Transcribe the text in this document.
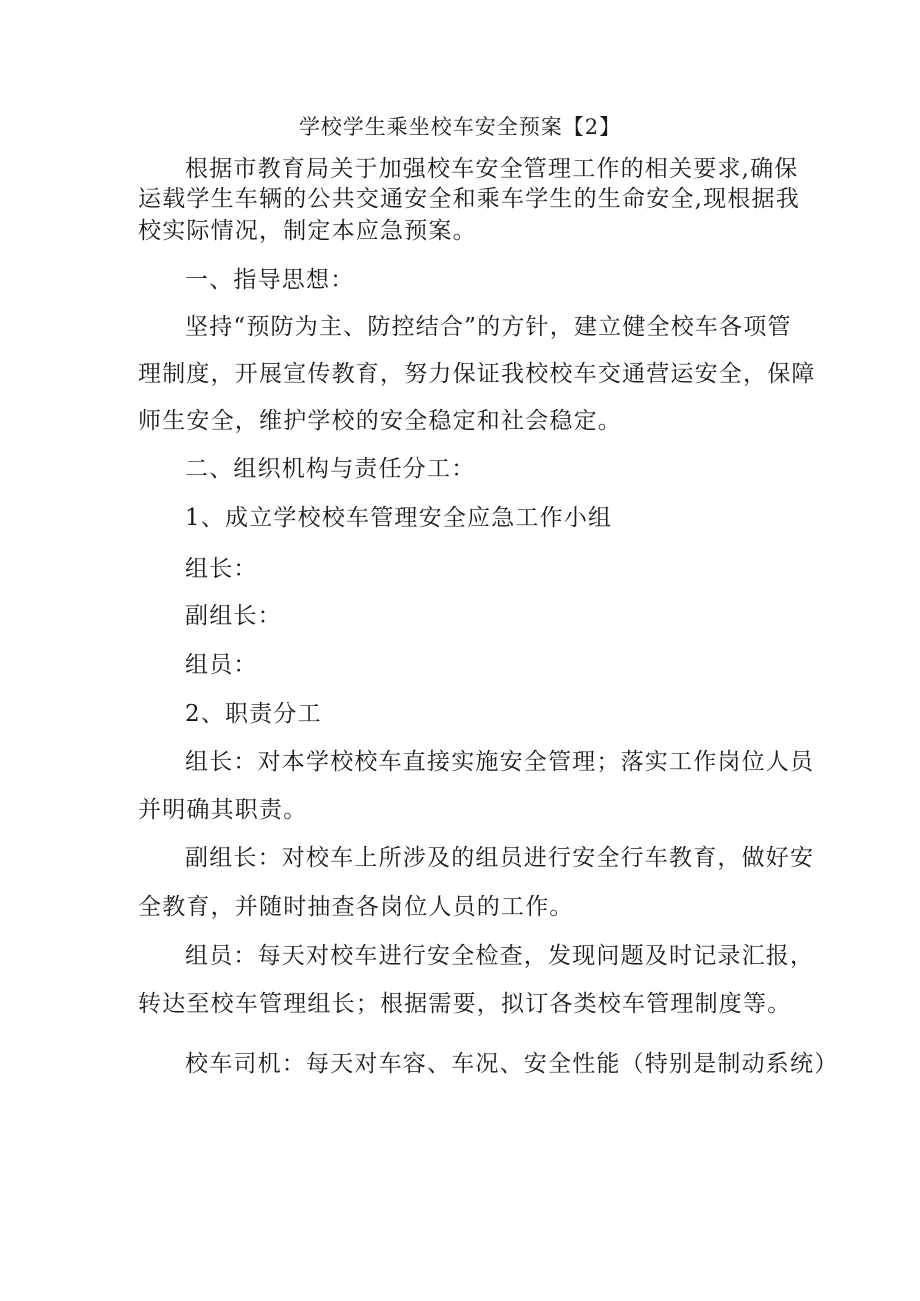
学校学生乘坐校车安全预案【2】
根据市教育局关于加强校车安全管理工作的相关要求,确保
运载学生车辆的公共交通安全和乘车学生的生命安全,现根据我
校实际情况，制定本应急预案。
一、指导思想：
坚持“预防为主、防控结合”的方针，建立健全校车各项管
理制度，开展宣传教育，努力保证我校校车交通营运安全，保障
师生安全，维护学校的安全稳定和社会稳定。
二、组织机构与责任分工：
1、成立学校校车管理安全应急工作小组
组长：
副组长：
组员：
2、职责分工
组长：对本学校校车直接实施安全管理；落实工作岗位人员
并明确其职责。
副组长：对校车上所涉及的组员进行安全行车教育，做好安
全教育，并随时抽查各岗位人员的工作。
组员：每天对校车进行安全检查，发现问题及时记录汇报，
转达至校车管理组长；根据需要，拟订各类校车管理制度等。
校车司机：每天对车容、车况、安全性能（特别是制动系统）
